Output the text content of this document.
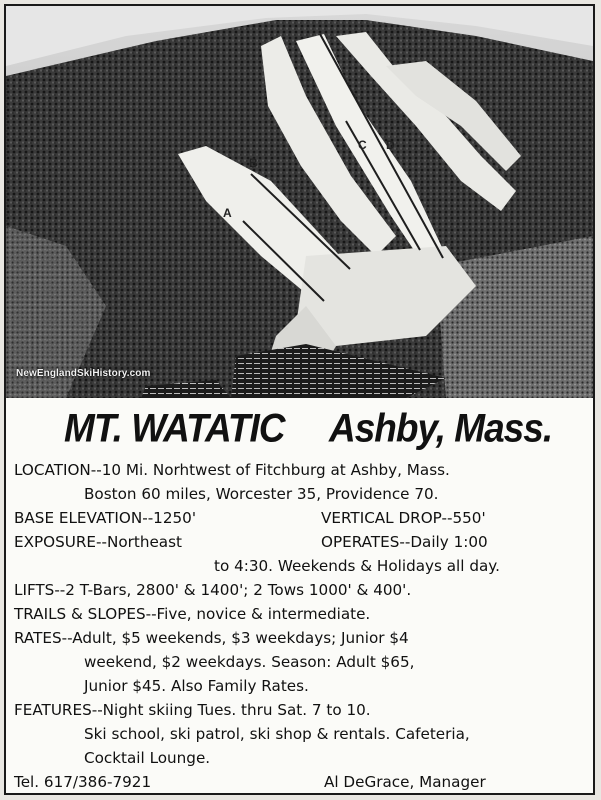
A
B
C D
NewEnglandSkiHistory.com
MT. WATATIC Ashby, Mass.
LOCATION--10 Mi. Norhtwest of Fitchburg at Ashby, Mass.
Boston 60 miles, Worcester 35, Providence 70.
BASE ELEVATION--1250'	VERTICAL DROP--550'
EXPOSURE--Northeast	OPERATES--Daily 1:00
to 4:30. Weekends & Holidays all day.
LIFTS--2 T-Bars, 2800' & 1400'; 2 Tows 1000' & 400'.
TRAILS & SLOPES--Five, novice & intermediate.
RATES--Adult, $5 weekends, $3 weekdays; Junior $4
weekend, $2 weekdays. Season: Adult $65,
Junior $45. Also Family Rates.
FEATURES--Night skiing Tues. thru Sat. 7 to 10.
Ski school, ski patrol, ski shop & rentals. Cafeteria,
Cocktail Lounge.
Tel. 617/386-7921	Al DeGrace, Manager
